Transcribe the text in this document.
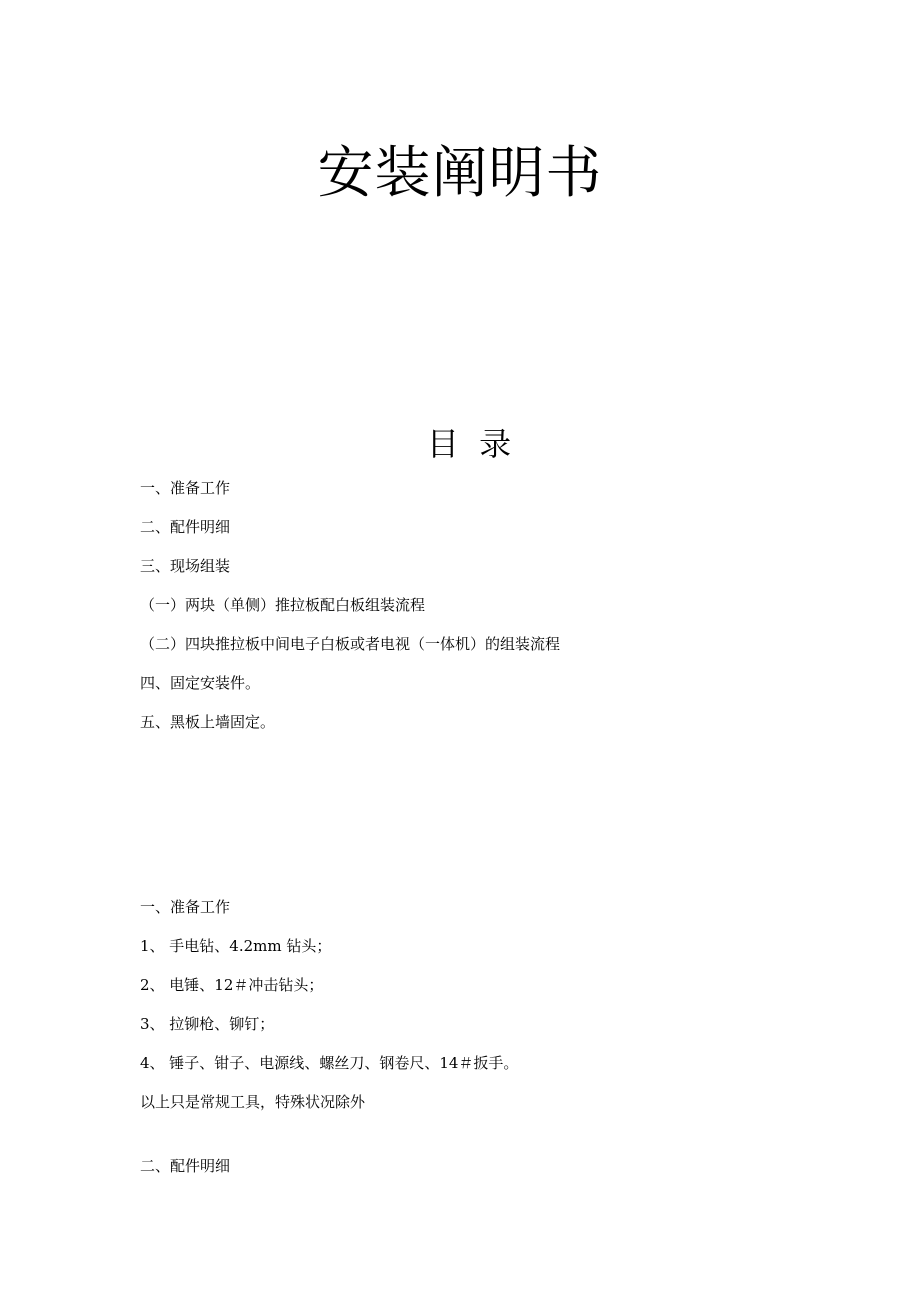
安装阐明书
目 录
一、准备工作
二、配件明细
三、现场组装
（一）两块（单侧）推拉板配白板组装流程
（二）四块推拉板中间电子白板或者电视（一体机）的组装流程
四、固定安装件。
五、黑板上墙固定。
一、准备工作
1、 手电钻、4.2mm 钻头；
2、 电锤、12＃冲击钻头；
3、 拉铆枪、铆钉；
4、 锤子、钳子、电源线、螺丝刀、钢卷尺、14＃扳手。
以上只是常规工具，特殊状况除外
二、配件明细
